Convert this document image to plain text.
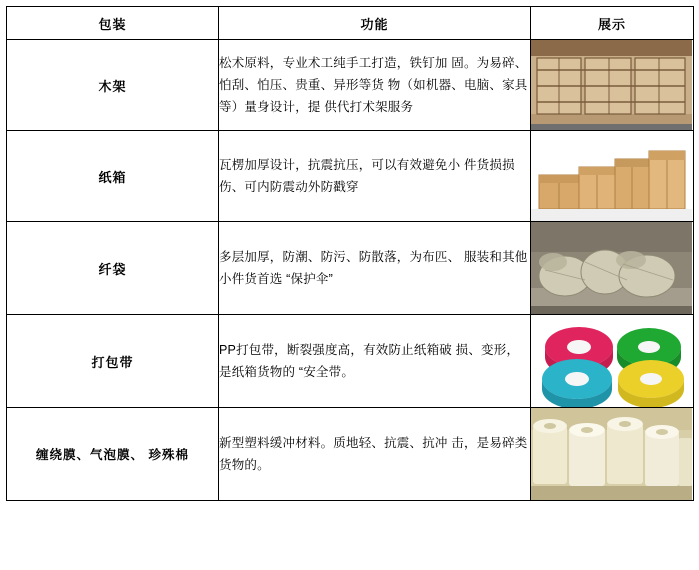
包装	功能	展示
木架	松术原料，专业术工纯手工打造，铁钉加 固。为易碎、怕刮、怕压、贵重、异形等货 物（如机器、电脑、家具等）量身设计，提 供代打术架服务	

纸箱	瓦楞加厚设计，抗震抗压，可以有效避免小 件货损损伤、可内防震动外防戳穿	

纤袋	多层加厚，防潮、防污、防散落，为布匹、 服装和其他小件货首选 “保护伞”	

打包带	PP打包带，断裂强度高，有效防止纸箱破 损、变形，是纸箱货物的 “安全带。	

缠绕膜、气泡膜、 珍殊棉	新型塑料缓冲材料。质地轻、抗震、抗冲 击，是易碎类货物的。	
